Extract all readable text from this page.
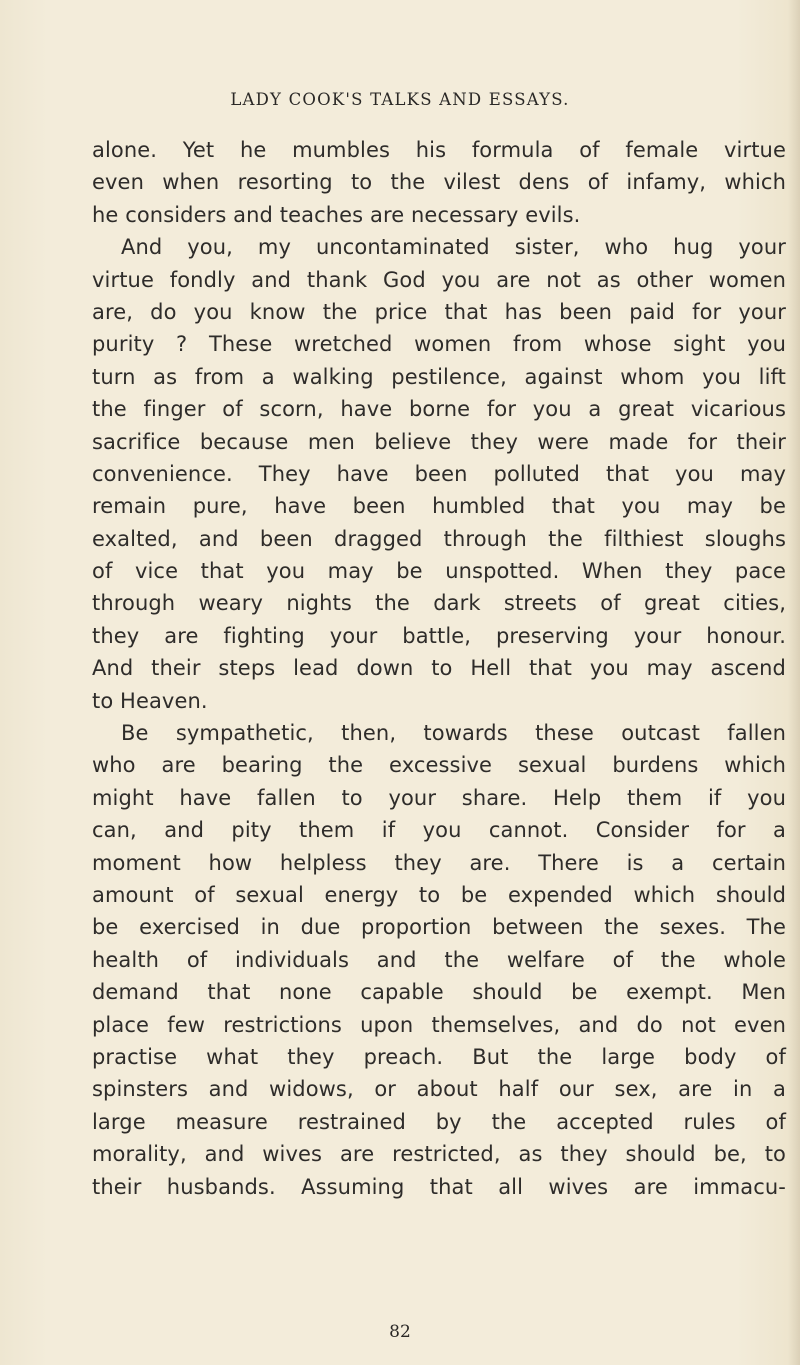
LADY COOK'S TALKS AND ESSAYS.
alone. Yet he mumbles his formula of female virtue
even when resorting to the vilest dens of infamy, which
he considers and teaches are necessary evils.
And you, my uncontaminated sister, who hug your
virtue fondly and thank God you are not as other women
are, do you know the price that has been paid for your
purity ? These wretched women from whose sight you
turn as from a walking pestilence, against whom you lift
the finger of scorn, have borne for you a great vicarious
sacrifice because men believe they were made for their
convenience. They have been polluted that you may
remain pure, have been humbled that you may be
exalted, and been dragged through the filthiest sloughs
of vice that you may be unspotted. When they pace
through weary nights the dark streets of great cities,
they are fighting your battle, preserving your honour.
And their steps lead down to Hell that you may ascend
to Heaven.
Be sympathetic, then, towards these outcast fallen
who are bearing the excessive sexual burdens which
might have fallen to your share. Help them if you
can, and pity them if you cannot. Consider for a
moment how helpless they are. There is a certain
amount of sexual energy to be expended which should
be exercised in due proportion between the sexes. The
health of individuals and the welfare of the whole
demand that none capable should be exempt. Men
place few restrictions upon themselves, and do not even
practise what they preach. But the large body of
spinsters and widows, or about half our sex, are in a
large measure restrained by the accepted rules of
morality, and wives are restricted, as they should be, to
their husbands. Assuming that all wives are immacu-
82
